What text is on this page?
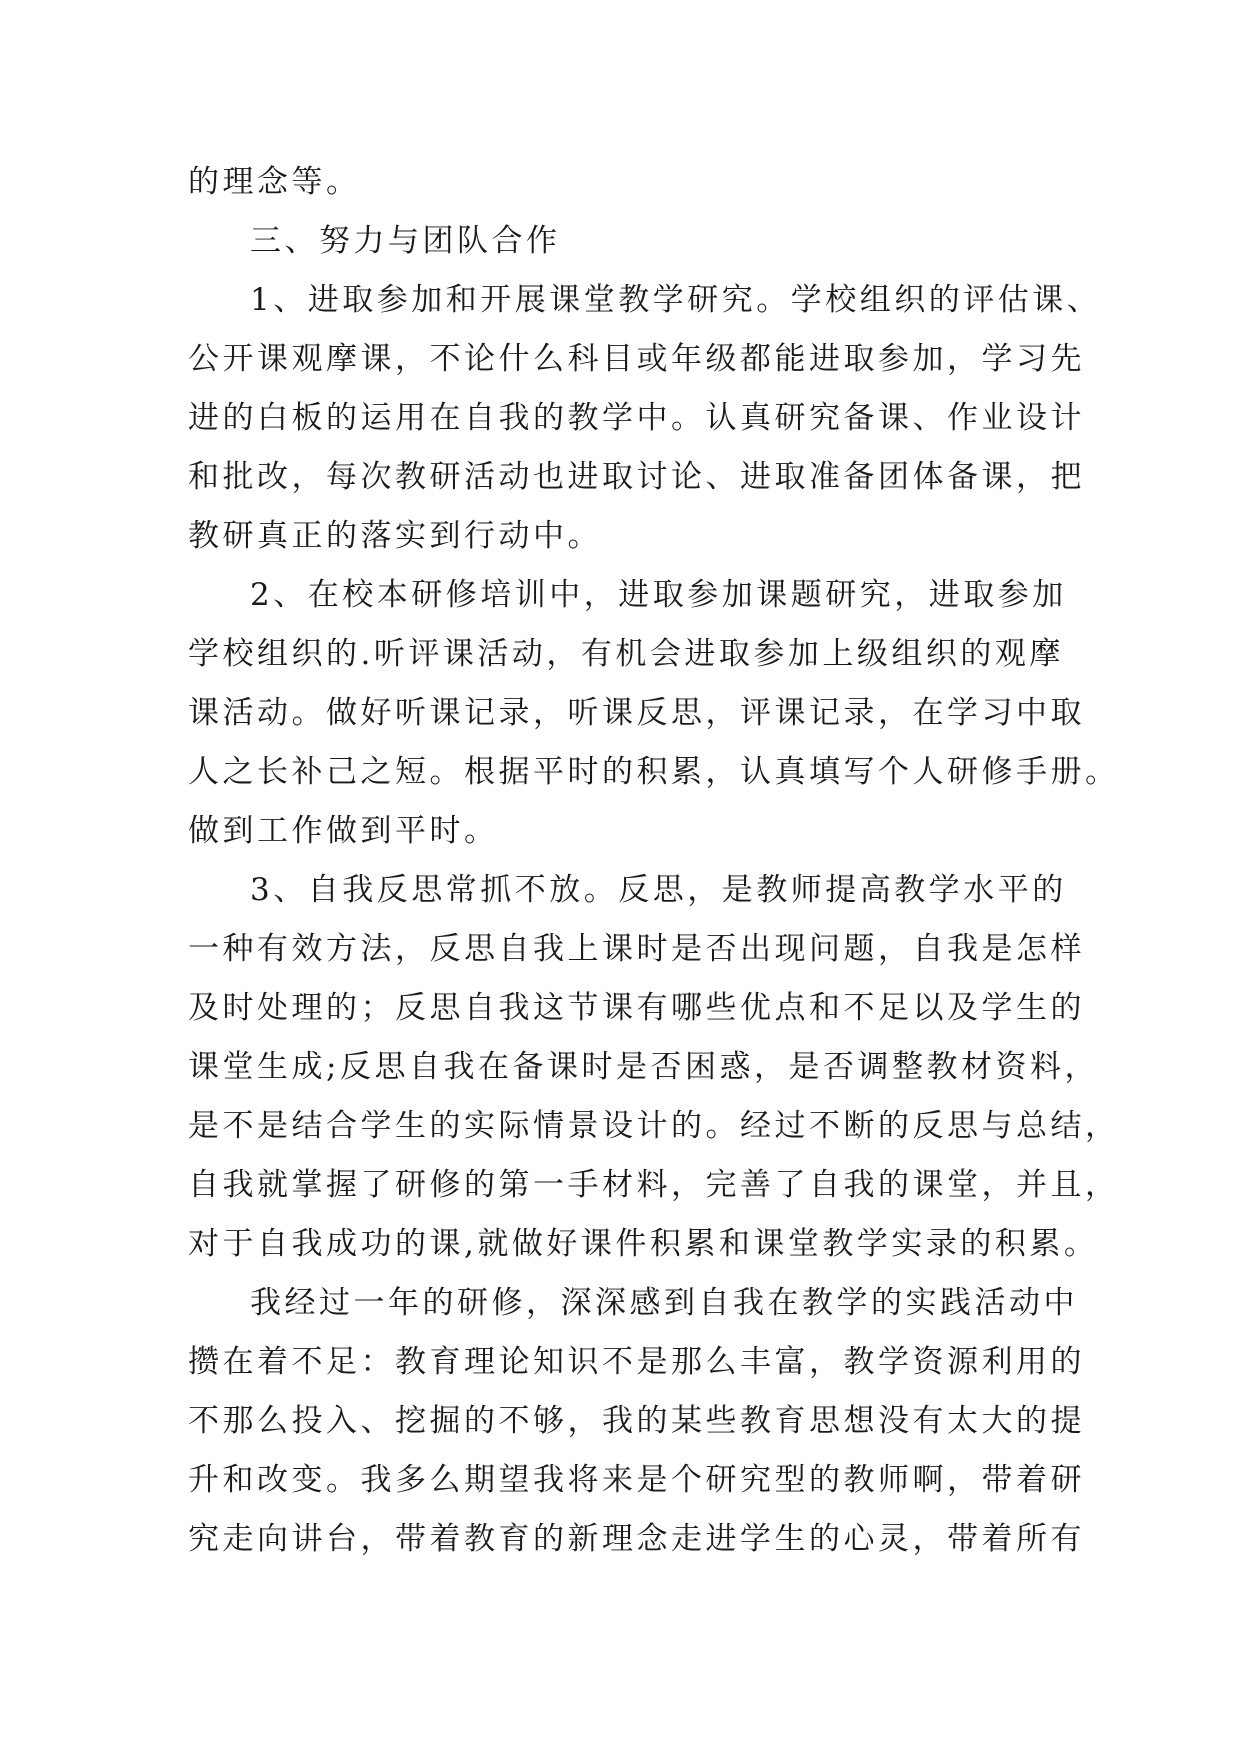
的理念等。
三、努力与团队合作
1、进取参加和开展课堂教学研究。学校组织的评估课、
公开课观摩课，不论什么科目或年级都能进取参加，学习先
进的白板的运用在自我的教学中。认真研究备课、作业设计
和批改，每次教研活动也进取讨论、进取准备团体备课，把
教研真正的落实到行动中。
2、在校本研修培训中，进取参加课题研究，进取参加
学校组织的.听评课活动，有机会进取参加上级组织的观摩
课活动。做好听课记录，听课反思，评课记录，在学习中取
人之长补己之短。根据平时的积累，认真填写个人研修手册。
做到工作做到平时。
3、自我反思常抓不放。反思，是教师提高教学水平的
一种有效方法，反思自我上课时是否出现问题，自我是怎样
及时处理的；反思自我这节课有哪些优点和不足以及学生的
课堂生成;反思自我在备课时是否困惑，是否调整教材资料，
是不是结合学生的实际情景设计的。经过不断的反思与总结，
自我就掌握了研修的第一手材料，完善了自我的课堂，并且，
对于自我成功的课,就做好课件积累和课堂教学实录的积累。
我经过一年的研修，深深感到自我在教学的实践活动中
攒在着不足：教育理论知识不是那么丰富，教学资源利用的
不那么投入、挖掘的不够，我的某些教育思想没有太大的提
升和改变。我多么期望我将来是个研究型的教师啊，带着研
究走向讲台，带着教育的新理念走进学生的心灵，带着所有
